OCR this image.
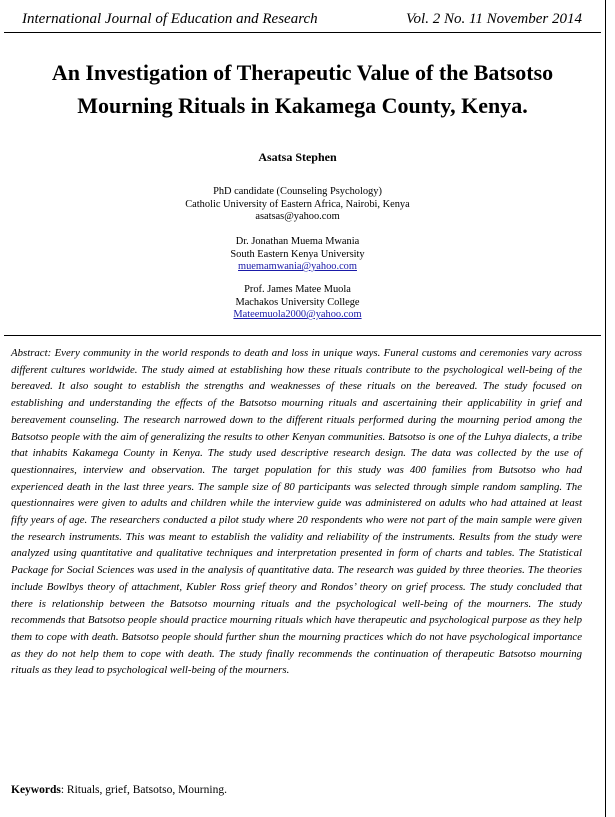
International Journal of Education and Research	Vol. 2 No. 11 November 2014
An Investigation of Therapeutic Value of the Batsotso
Mourning Rituals in Kakamega County, Kenya.
Asatsa Stephen
PhD candidate (Counseling Psychology)
Catholic University of Eastern Africa, Nairobi, Kenya
asatsas@yahoo.com
Dr. Jonathan Muema Mwania
South Eastern Kenya University
muemamwania@yahoo.com
Prof. James Matee Muola
Machakos University College
Mateemuola2000@yahoo.com

Abstract: Every community in the world responds to death and loss in unique ways. Funeral customs and ceremonies vary across different cultures worldwide. The study aimed at establishing how these rituals contribute to the psychological well-being of the bereaved. It also sought to establish the strengths and weaknesses of these rituals on the bereaved. The study focused on establishing and understanding the effects of the Batsotso mourning rituals and ascertaining their applicability in grief and bereavement counseling. The research narrowed down to the different rituals performed during the mourning period among the Batsotso people with the aim of generalizing the results to other Kenyan communities. Batsotso is one of the Luhya dialects, a tribe that inhabits Kakamega County in Kenya. The study used descriptive research design. The data was collected by the use of questionnaires, interview and observation. The target population for this study was 400 families from Butsotso who had experienced death in the last three years. The sample size of 80 participants was selected through simple random sampling. The questionnaires were given to adults and children while the interview guide was administered on adults who had attained at least fifty years of age. The researchers conducted a pilot study where 20 respondents who were not part of the main sample were given the research instruments. This was meant to establish the validity and reliability of the instruments. Results from the study were analyzed using quantitative and qualitative techniques and interpretation presented in form of charts and tables. The Statistical Package for Social Sciences was used in the analysis of quantitative data. The research was guided by three theories. The theories include Bowlbys theory of attachment, Kubler Ross grief theory and Rondos’ theory on grief process. The study concluded that there is relationship between the Batsotso mourning rituals and the psychological well-being of the mourners. The study recommends that Batsotso people should practice mourning rituals which have therapeutic and psychological purpose as they help them to cope with death. Batsotso people should further shun the mourning practices which do not have psychological importance as they do not help them to cope with death. The study finally recommends the continuation of therapeutic Batsotso mourning rituals as they lead to psychological well-being of the mourners.

Keywords: Rituals, grief, Batsotso, Mourning.
